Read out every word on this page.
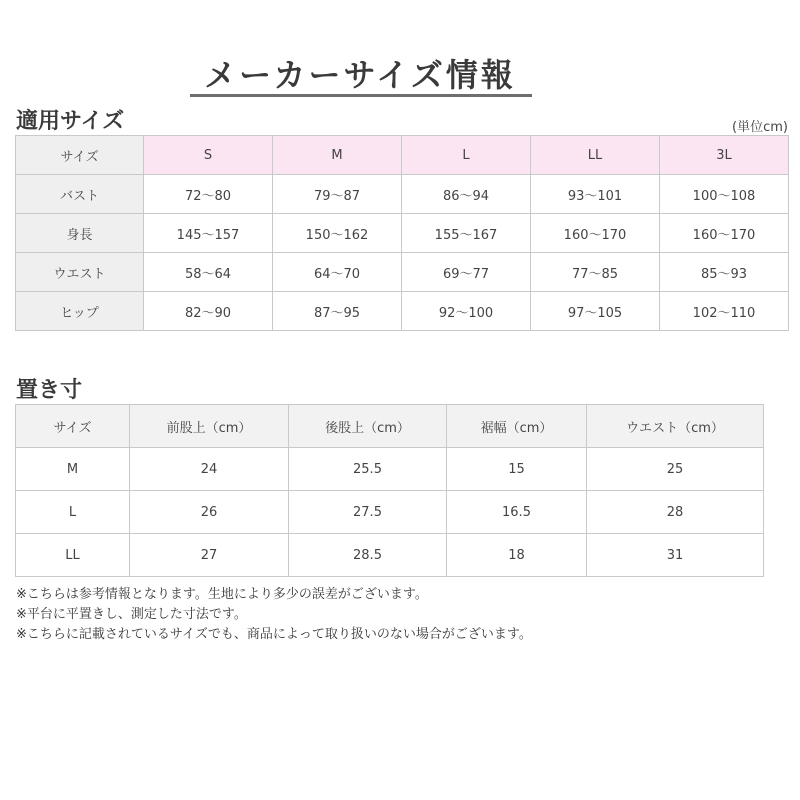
メーカーサイズ情報
適用サイズ	(単位cm)
サイズ	S	M	L	LL	3L
バスト	72〜80	79〜87	86〜94	93〜101	100〜108
身長	145〜157	150〜162	155〜167	160〜170	160〜170
ウエスト	58〜64	64〜70	69〜77	77〜85	85〜93
ヒップ	82〜90	87〜95	92〜100	97〜105	102〜110
置き寸
サイズ	前股上（cm）	後股上（cm）	裾幅（cm）	ウエスト（cm）
M	24	25.5	15	25
L	26	27.5	16.5	28
LL	27	28.5	18	31
※こちらは参考情報となります。生地により多少の誤差がございます。
※平台に平置きし、測定した寸法です。
※こちらに記載されているサイズでも、商品によって取り扱いのない場合がございます。
